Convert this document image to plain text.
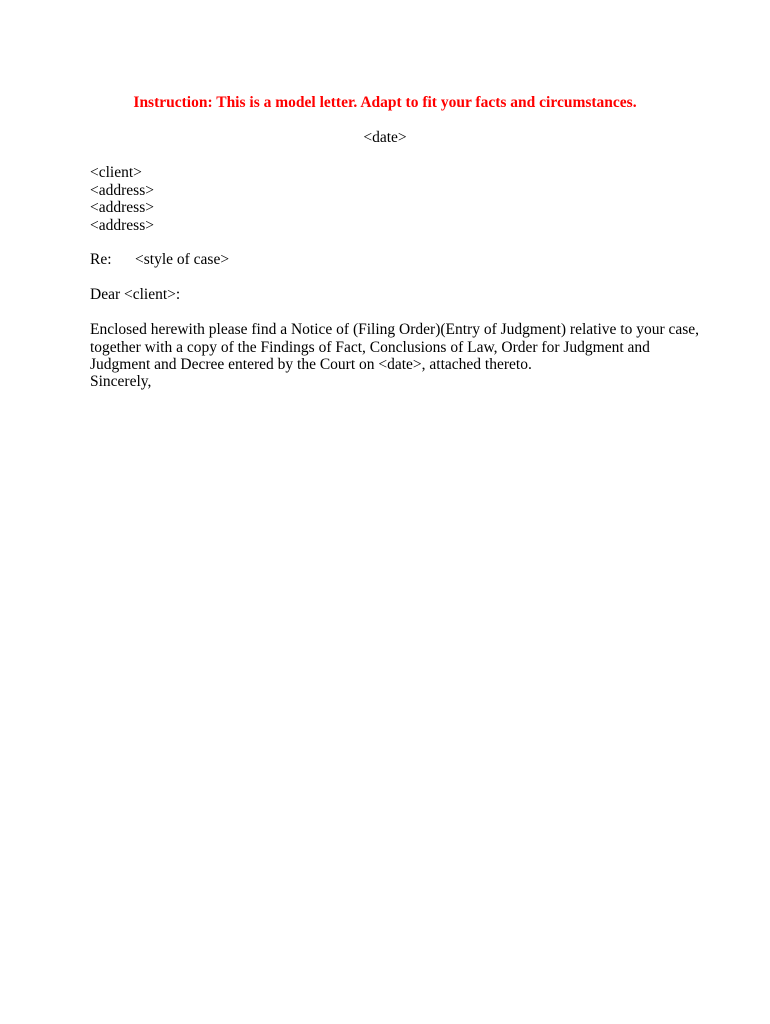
Instruction: This is a model letter. Adapt to fit your facts and circumstances.
<date>
<client>
<address>
<address>
<address>
Re: <style of case>
Dear <client>:
Enclosed herewith please find a Notice of (Filing Order)(Entry of Judgment) relative to your case,
together with a copy of the Findings of Fact, Conclusions of Law, Order for Judgment and
Judgment and Decree entered by the Court on <date>, attached thereto.
Sincerely,
